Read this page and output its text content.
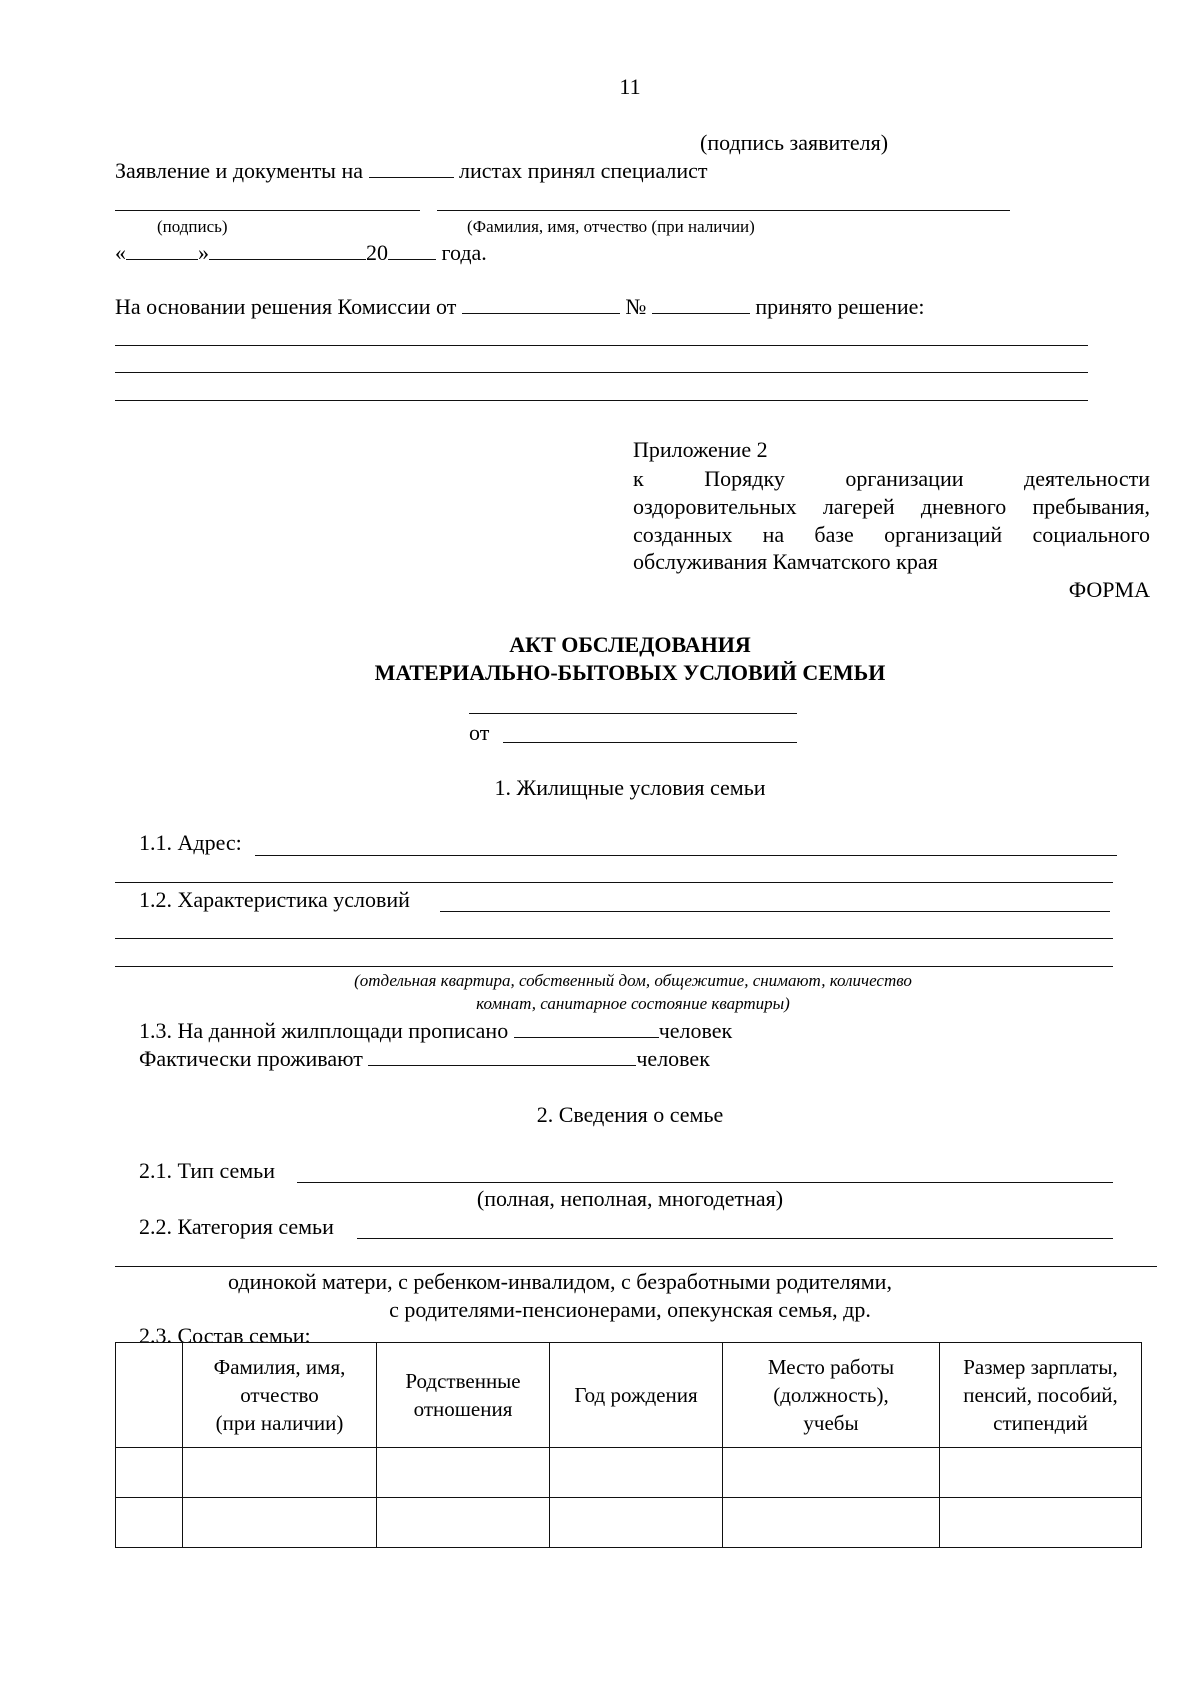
11
(подпись заявителя)
Заявление и документы на	листах принял специалист
(подпись)	(Фамилия, имя, отчество (при наличии)
«	»	20 года.
На основании решения Комиссии от	№	принято решение:
Приложение 2
к Порядку организации деятельности
оздоровительных лагерей дневного пребывания,
созданных на базе организаций социального
обслуживания Камчатского края
ФОРМА
АКТ ОБСЛЕДОВАНИЯ
МАТЕРИАЛЬНО-БЫТОВЫХ УСЛОВИЙ СЕМЬИ
от
1. Жилищные условия семьи
1.1. Адрес:
1.2. Характеристика условий
(отдельная квартира, собственный дом, общежитие, снимают, количество
комнат, санитарное состояние квартиры)
1.3. На данной жилплощади прописано	человек
Фактически проживают	человек
2. Сведения о семье
2.1. Тип семьи
(полная, неполная, многодетная)
2.2. Категория семьи
одинокой матери, с ребенком-инвалидом, с безработными родителями,
с родителями-пенсионерами, опекунская семья, др.
2.3. Состав семьи:
	Фамилия, имя,
отчество
(при наличии)	Родственные
отношения	Год рождения	Место работы
(должность),
учебы	Размер зарплаты,
пенсий, пособий,
стипендий
